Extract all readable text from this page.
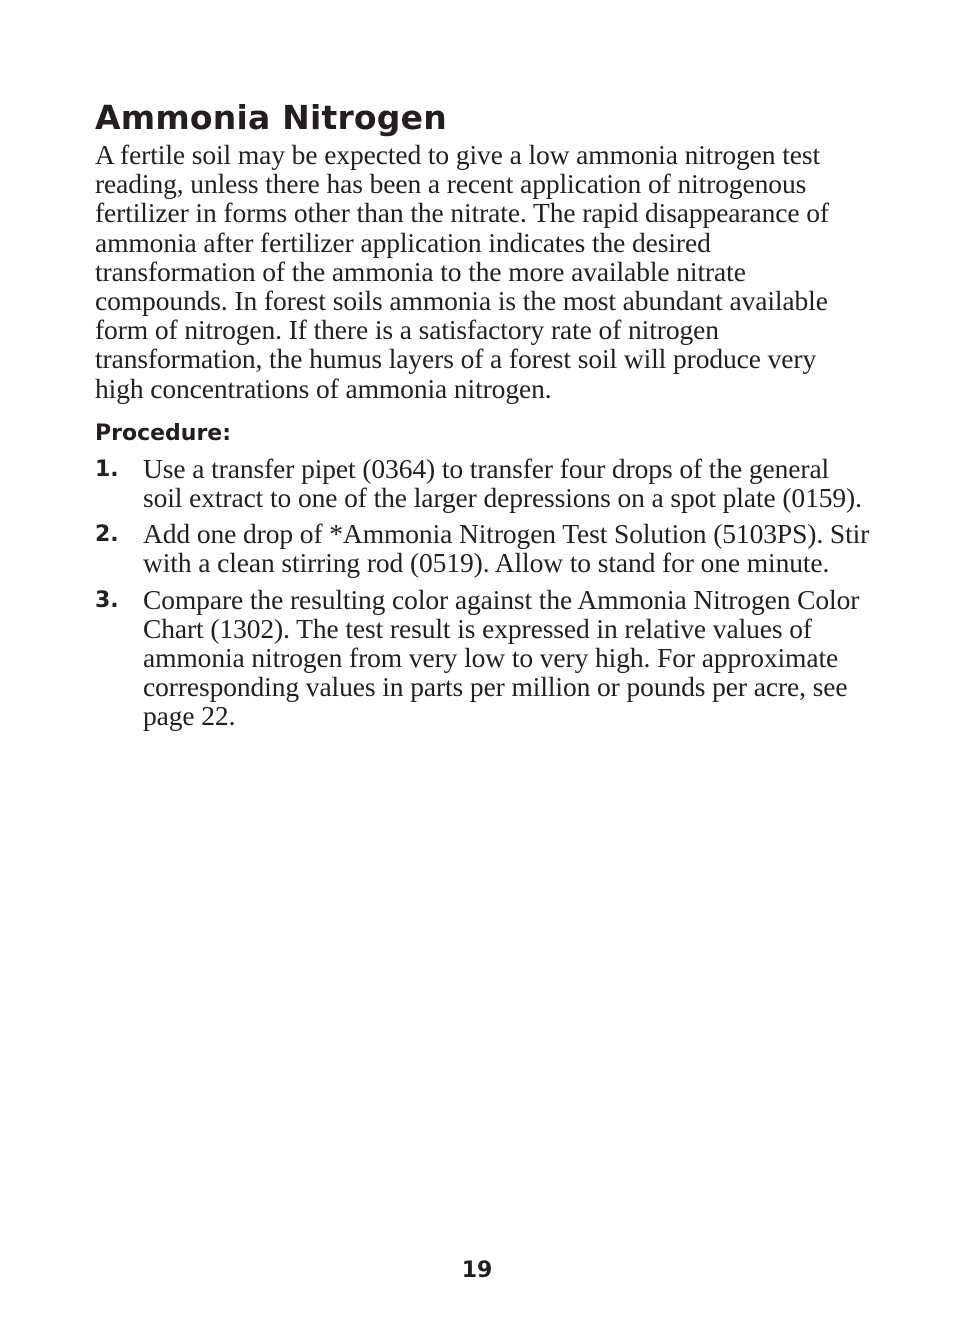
Ammonia Nitrogen

A fertile soil may be expected to give a low ammonia nitrogen test reading, unless there has been a recent application of nitrogenous fertilizer in forms other than the nitrate. The rapid disappearance of ammonia after fertilizer application indicates the desired transformation of the ammonia to the more available nitrate compounds. In forest soils ammonia is the most abundant available form of nitrogen. If there is a satisfactory rate of nitrogen transformation, the humus layers of a forest soil will produce very high concentrations of ammonia nitrogen.

Procedure:
1. Use a transfer pipet (0364) to transfer four drops of the general soil extract to one of the larger depressions on a spot plate (0159).
2. Add one drop of *Ammonia Nitrogen Test Solution (5103PS). Stir with a clean stirring rod (0519). Allow to stand for one minute.
3. Compare the resulting color against the Ammonia Nitrogen Color Chart (1302). The test result is expressed in relative values of ammonia nitrogen from very low to very high. For approximate corresponding values in parts per million or pounds per acre, see page 22.
19
